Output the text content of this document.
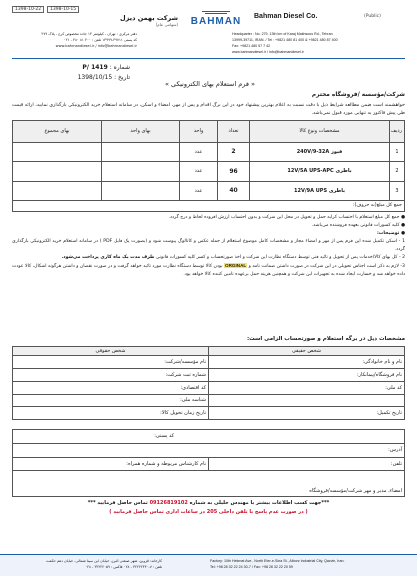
1398-10-22	1398-10-15
شرکت بهمن دیزل
(سهامی عام)	BAHMAN	Bahman Diesel Co.	(Public)
دفتر مرکزی : تهران ، کیلومتر ۱۳ جاده مخصوص کرج ، پلاک ۲۷۹
کد پستی ۳۹۷۱۱-۱۳۹۹۹ تلفن : ۴۰۰ ۸۱ ۴۸۰ - ۰۲۱
www.bahmandiesel.ir / info@bahmandiesel.ir
Headquarter : No. 279, 13th km of Karaj Makhsous Rd., Tehran
13999-39711, IRAN. / Tel : +9821 480 81 400 & +9821 480 87 400
Fax: +9821 480 57 7 42
www.bahmandiesel.ir / info@bahmandiesel.ir
شماره : P/ 1419
تاریخ : 1398/10/15
« فرم استعلام بهای الکترونیکی »
شرکت/مؤسسه /فروشگاه محترم
خواهشمند است ضمن مطالعه شرایط ذیل با دقت نسبت به اعلام بهترین پیشنهاد خود در این برگ اقدام و پس از مهر، امضاء و اسکن، در سامانه استعلام خرید الکترونیکی بارگذاری نمایید، ارائه قیمت طی پیش فاکتور به تنهایی مورد قبول نمی‌باشد.
ردیف	مشخصات ونوع کالا	تعداد	واحد	بهای واحد	بهای مجموع
1	فیوز 240V/9-32A	2	عدد		
2	باطری 12V/5A UPS-APC	96	عدد		
3	باطری 12V/9A UPS	40	عدد		
جمع کل مبلغ(به حروف):					
● جمع کل مبلغ استعلام با احتساب کرایه حمل و تحویل در محل این شرکت و بدون احتساب ارزش افزوده لحاظ و درج گردد.
● کلیه کسورات قانونی بعهده فروشنده می‌باشد.
● توضیحات:
1 - اسکن تکمیل شده این فرم پس از مهر و امضاء مجاز و مشخصات کامل موضوع استعلام از جمله عکس و کاتالوگ پیوست شود و (بصورت یک فایل PDF ) در سامانه استعلام خرید الکترونیکی بارگذاری گردد.
2 - کل بهای کالا/خدمات پس از تحویل و تائید فنی توسط دستگاه نظارت این شرکت و اخذ صورتحساب و کسر کلیه کسورات قانونی ظرف مدت یک ماه کاری پرداخت می‌شود.
3- لازم به ذکر است اجناس تحویلی در این شرکت در صورت داشتن ضمانت نامه و ORGINAL بودن کالا توسط دستگاه نظارت مورد تائید خواهد گرفت و در صورت نقصان و داشتن هرگونه اشکال، کالا عودت داده خواهد شد و خسارت ایجاد شده به تجهیزات این شرکت و همچنین هزینه حمل برعهده تامین کننده کالا خواهد بود.
مشخصات ذیل در برگه استعلام و صورتحساب الزامی است:
شخص حقیقی	شخص حقوقی
نام و نام خانوادگی:	نام مؤسسه/شرکت:
نام فروشگاه/پیمانکار:	شماره ثبت شرکت:
کد ملی:	کد اقتصادی:
	شناسه ملی:
تاریخ تکمیل:	تاریخ زمان تحویل کالا:
کد پستی:
آدرس:
تلفن:	نام کارشناس مربوطه و شماره همراه:
امضاء، مدیر و مهر شرکت/مؤسسه/فروشگاه
***جهت کسب اطلاعات بیشتر با مهندس خلیلی به شماره 09126819102 تماس حاصل فرمایید ***
( در صورت عدم پاسخ با تلفن داخلی 205 در ساعات اداری تماس حاصل فرمایید )
کارخانه: قزوین، شهر صنعتی البرز، خیابان ابن سینا شمالی، خیابان دهم حکمت
تلفن : ۷-۳۲۲۲۲۴۳۰ - ۰۲۸ فاکس : ۳۲۲۲۲۰۵۹ - ۰۲۸
Factory: 10th Hekmat Ave., North Eter-e-Sina St., Alborz Industrial City, Qazvin, Iran.
Tel: +98 28 32 22 24 30-7 / Fax: +98 28 32 22 20 59
